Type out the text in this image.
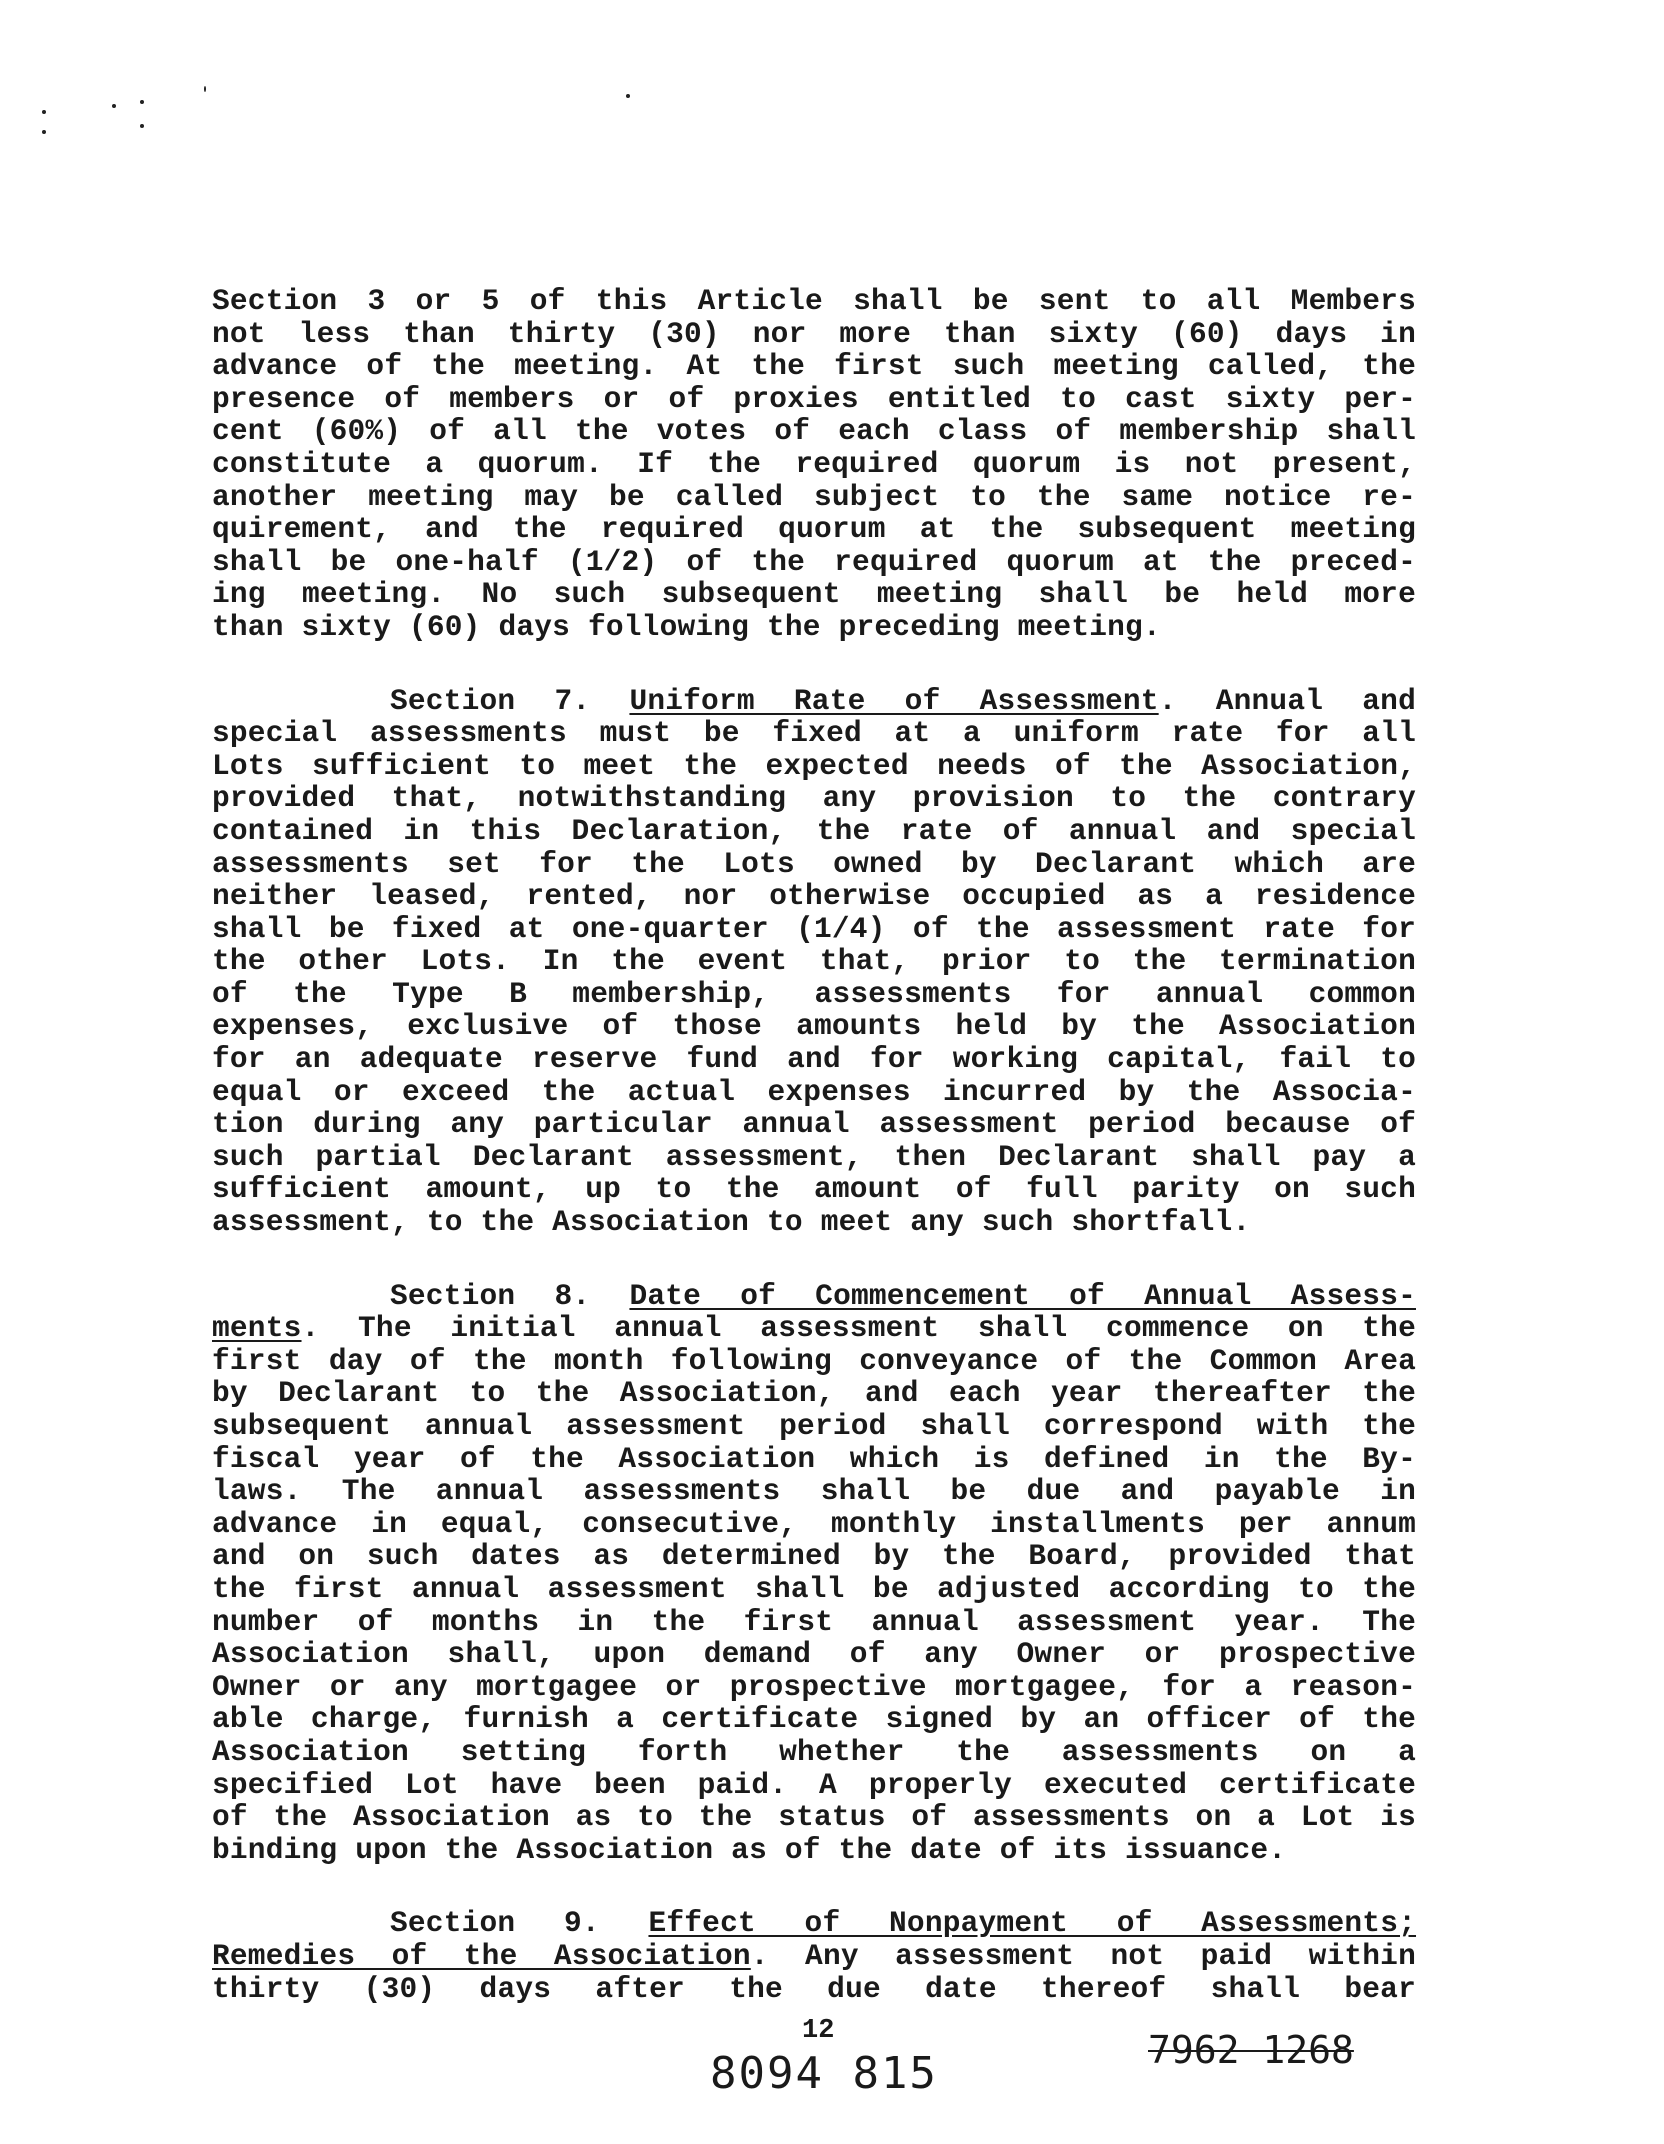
Section 3 or 5 of this Article shall be sent to all Members
not less than thirty (30) nor more than sixty (60) days in
advance of the meeting. At the first such meeting called, the
presence of members or of proxies entitled to cast sixty per-
cent (60%) of all the votes of each class of membership shall
constitute a quorum. If the required quorum is not present,
another meeting may be called subject to the same notice re-
quirement, and the required quorum at the subsequent meeting
shall be one-half (1/2) of the required quorum at the preced-
ing meeting. No such subsequent meeting shall be held more
than sixty (60) days following the preceding meeting.
Section 7. Uniform Rate of Assessment. Annual and
special assessments must be fixed at a uniform rate for all
Lots sufficient to meet the expected needs of the Association,
provided that, notwithstanding any provision to the contrary
contained in this Declaration, the rate of annual and special
assessments set for the Lots owned by Declarant which are
neither leased, rented, nor otherwise occupied as a residence
shall be fixed at one-quarter (1/4) of the assessment rate for
the other Lots. In the event that, prior to the termination
of the Type B membership, assessments for annual common
expenses, exclusive of those amounts held by the Association
for an adequate reserve fund and for working capital, fail to
equal or exceed the actual expenses incurred by the Associa-
tion during any particular annual assessment period because of
such partial Declarant assessment, then Declarant shall pay a
sufficient amount, up to the amount of full parity on such
assessment, to the Association to meet any such shortfall.
Section 8. Date of Commencement of Annual Assess-
ments. The initial annual assessment shall commence on the
first day of the month following conveyance of the Common Area
by Declarant to the Association, and each year thereafter the
subsequent annual assessment period shall correspond with the
fiscal year of the Association which is defined in the By-
laws. The annual assessments shall be due and payable in
advance in equal, consecutive, monthly installments per annum
and on such dates as determined by the Board, provided that
the first annual assessment shall be adjusted according to the
number of months in the first annual assessment year. The
Association shall, upon demand of any Owner or prospective
Owner or any mortgagee or prospective mortgagee, for a reason-
able charge, furnish a certificate signed by an officer of the
Association setting forth whether the assessments on a
specified Lot have been paid. A properly executed certificate
of the Association as to the status of assessments on a Lot is
binding upon the Association as of the date of its issuance.
Section 9. Effect of Nonpayment of Assessments;
Remedies of the Association. Any assessment not paid within
thirty (30) days after the due date thereof shall bear
12
8094 815	7962 1268
